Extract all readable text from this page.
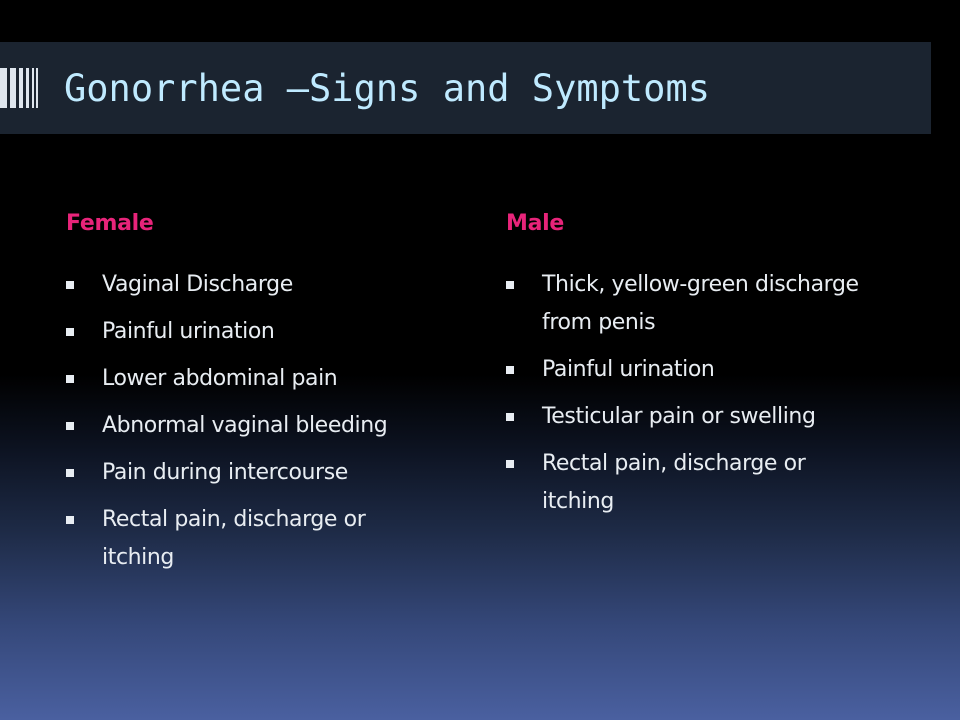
Gonorrhea –Signs and Symptoms
Female
Vaginal Discharge
Painful urination
Lower abdominal pain
Abnormal vaginal bleeding
Pain during intercourse
Rectal pain, discharge or itching
Male
Thick, yellow-green discharge from penis
Painful urination
Testicular pain or swelling
Rectal pain, discharge or itching
